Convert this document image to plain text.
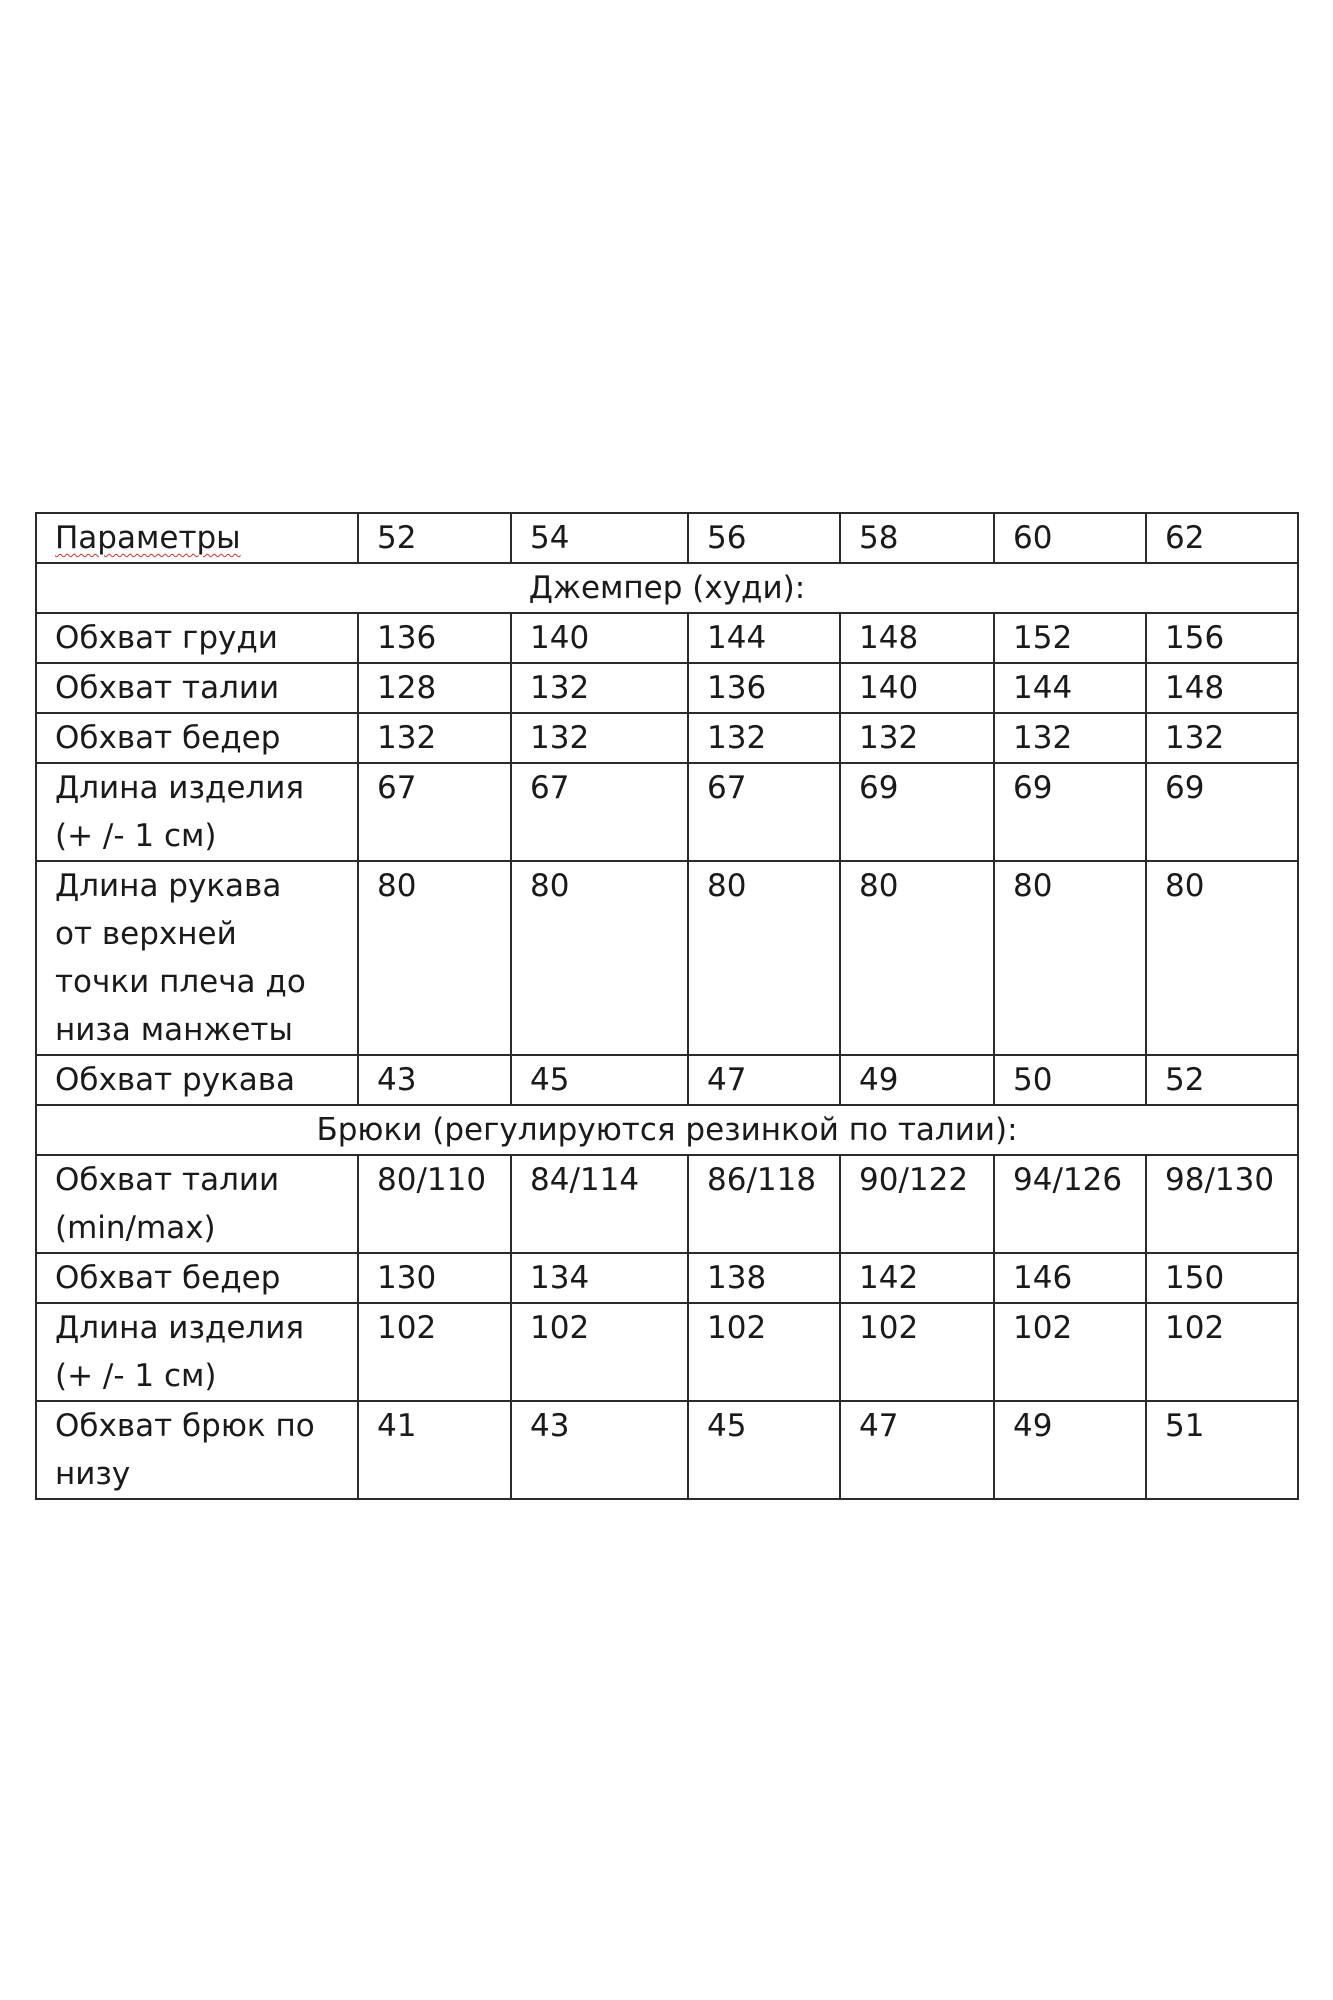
Параметры	52	54	56	58	60	62
Джемпер (худи):						

Обхват груди	136	140	144	148	152	156

Обхват талии	128	132	136	140	144	148

Обхват бедер	132	132	132	132	132	132

Длина изделия
(+ /- 1 см)	67	67	67	69	69	69

Длина рукава
от верхней
точки плеча до
низа манжеты	80	80	80	80	80	80

Обхват рукава	43	45	47	49	50	52
Брюки (регулируются резинкой по талии):						

Обхват талии
(min/max)	80/110	84/114	86/118	90/122	94/126	98/130

Обхват бедер	130	134	138	142	146	150

Длина изделия
(+ /- 1 см)	102	102	102	102	102	102

Обхват брюк по
низу	41	43	45	47	49	51
